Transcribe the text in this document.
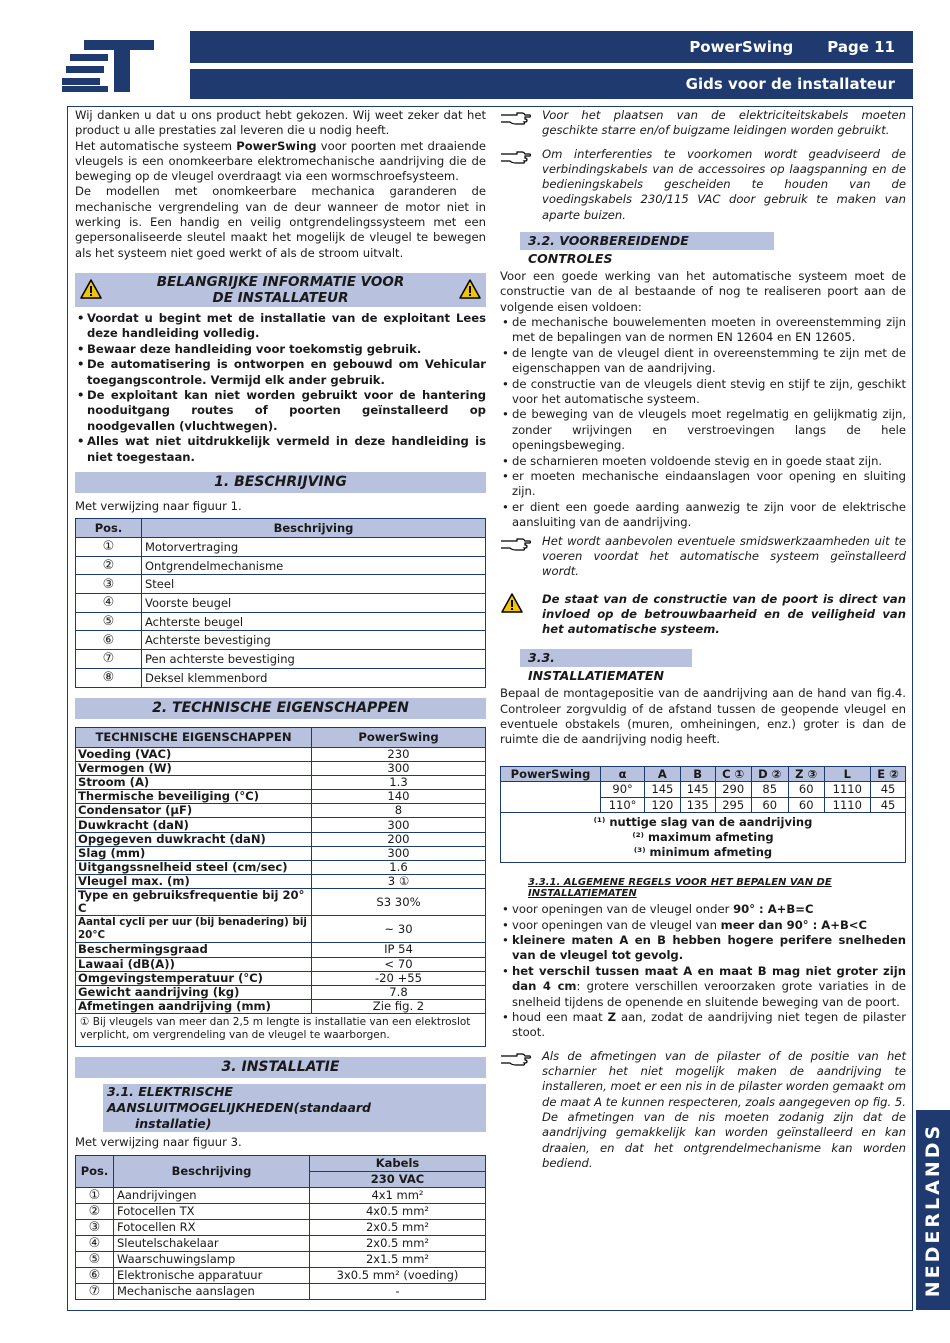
PowerSwing Page 11
Gids voor de installateur
NEDERLANDS

Wij danken u dat u ons product hebt gekozen. Wij weet zeker dat het product u alle prestaties zal leveren die u nodig heeft.

Het automatische systeem PowerSwing voor poorten met draaiende vleugels is een onomkeerbare elektromechanische aandrijving die de beweging op de vleugel overdraagt via een wormschroefsysteem.

De modellen met onomkeerbare mechanica garanderen de mechanische vergrendeling van de deur wanneer de motor niet in werking is. Een handig en veilig ontgrendelingssysteem met een gepersonaliseerde sleutel maakt het mogelijk de vleugel te bewegen als het systeem niet goed werkt of als de stroom uitvalt.

BELANGRIJKE INFORMATIE VOOR
DE INSTALLATEUR
• Voordat u begint met de installatie van de exploitant Lees deze handleiding volledig.
• Bewaar deze handleiding voor toekomstig gebruik.
• De automatisering is ontworpen en gebouwd om Vehicular toegangscontrole. Vermijd elk ander gebruik.
• De exploitant kan niet worden gebruikt voor de hantering nooduitgang routes of poorten geïnstalleerd op noodgevallen (vluchtwegen).
• Alles wat niet uitdrukkelijk vermeld in deze handleiding is niet toegestaan.
1. BESCHRIJVING

Met verwijzing naar figuur 1.

Pos.	Beschrijving
①	Motorvertraging
②	Ontgrendelmechanisme
③	Steel
④	Voorste beugel
⑤	Achterste beugel
⑥	Achterste bevestiging
⑦	Pen achterste bevestiging
⑧	Deksel klemmenbord
2. TECHNISCHE EIGENSCHAPPEN
TECHNISCHE EIGENSCHAPPEN	PowerSwing
Voeding (VAC)	230
Vermogen (W)	300
Stroom (A)	1.3
Thermische beveiliging (°C)	140
Condensator (µF)	8
Duwkracht (daN)	300
Opgegeven duwkracht (daN)	200
Slag (mm)	300
Uitgangssnelheid steel (cm/sec)	1.6
Vleugel max. (m)	3 ①
Type en gebruiksfrequentie bij 20° C	S3 30%
Aantal cycli per uur (bij benadering) bij 20°C	~ 30
Beschermingsgraad	IP 54
Lawaai (dB(A))	< 70
Omgevingstemperatuur (°C)	-20 +55
Gewicht aandrijving (kg)	7.8
Afmetingen aandrijving (mm)	Zie fig. 2

① Bij vleugels van meer dan 2,5 m lengte is installatie van een elektroslot verplicht, om vergrendeling van de vleugel te waarborgen.

3. INSTALLATIE
3.1. ELEKTRISCHE AANSLUITMOGELIJKHEDEN(standaard
installatie)

Met verwijzing naar figuur 3.

Pos.	Beschrijving	Kabels
		230 VAC
①	Aandrijvingen	4x1 mm²
②	Fotocellen TX	4x0.5 mm²
③	Fotocellen RX	2x0.5 mm²
④	Sleutelschakelaar	2x0.5 mm²
⑤	Waarschuwingslamp	2x1.5 mm²
⑥	Elektronische apparatuur	3x0.5 mm² (voeding)
⑦	Mechanische aanslagen	-

Voor het plaatsen van de elektriciteitskabels moeten geschikte starre en/of buigzame leidingen worden gebruikt.

Om interferenties te voorkomen wordt geadviseerd de verbindingskabels van de accessoires op laagspanning en de bedieningskabels gescheiden te houden van de voedingskabels 230/115 VAC door gebruik te maken van aparte buizen.

3.2. VOORBEREIDENDE CONTROLES

Voor een goede werking van het automatische systeem moet de constructie van de al bestaande of nog te realiseren poort aan de volgende eisen voldoen:

• de mechanische bouwelementen moeten in overeenstemming zijn met de bepalingen van de normen EN 12604 en EN 12605.
• de lengte van de vleugel dient in overeenstemming te zijn met de eigenschappen van de aandrijving.
• de constructie van de vleugels dient stevig en stijf te zijn, geschikt voor het automatische systeem.
• de beweging van de vleugels moet regelmatig en gelijkmatig zijn, zonder wrijvingen en verstroevingen langs de hele openingsbeweging.
• de scharnieren moeten voldoende stevig en in goede staat zijn.
• er moeten mechanische eindaanslagen voor opening en sluiting zijn.
• er dient een goede aarding aanwezig te zijn voor de elektrische aansluiting van de aandrijving.

Het wordt aanbevolen eventuele smidswerkzaamheden uit te voeren voordat het automatische systeem geïnstalleerd wordt.

De staat van de constructie van de poort is direct van invloed op de betrouwbaarheid en de veiligheid van het automatische systeem.

3.3. INSTALLATIEMATEN

Bepaal de montagepositie van de aandrijving aan de hand van fig.4. Controleer zorgvuldig of de afstand tussen de geopende vleugel en eventuele obstakels (muren, omheiningen, enz.) groter is dan de ruimte die de aandrijving nodig heeft.

PowerSwing	α	A	B	C ①	D ②	Z ③	L	E ②
	90°	145	145	290	85	60	1110	45
	110°	120	135	295	60	60	1110	45

⁽¹⁾ nuttige slag van de aandrijving
⁽²⁾ maximum afmeting
⁽³⁾ minimum afmeting								
3.3.1. ALGEMENE REGELS VOOR HET BEPALEN VAN DE INSTALLATIEMATEN
• voor openingen van de vleugel onder 90° : A+B=C
• voor openingen van de vleugel van meer dan 90° : A+B<C
• kleinere maten A en B hebben hogere perifere snelheden van de vleugel tot gevolg.
• het verschil tussen maat A en maat B mag niet groter zijn dan 4 cm: grotere verschillen veroorzaken grote variaties in de snelheid tijdens de openende en sluitende beweging van de poort.
• houd een maat Z aan, zodat de aandrijving niet tegen de pilaster stoot.

Als de afmetingen van de pilaster of de positie van het scharnier het niet mogelijk maken de aandrijving te installeren, moet er een nis in de pilaster worden gemaakt om de maat A te kunnen respecteren, zoals aangegeven op fig. 5. De afmetingen van de nis moeten zodanig zijn dat de aandrijving gemakkelijk kan worden geïnstalleerd en kan draaien, en dat het ontgrendelmechanisme kan worden bediend.
